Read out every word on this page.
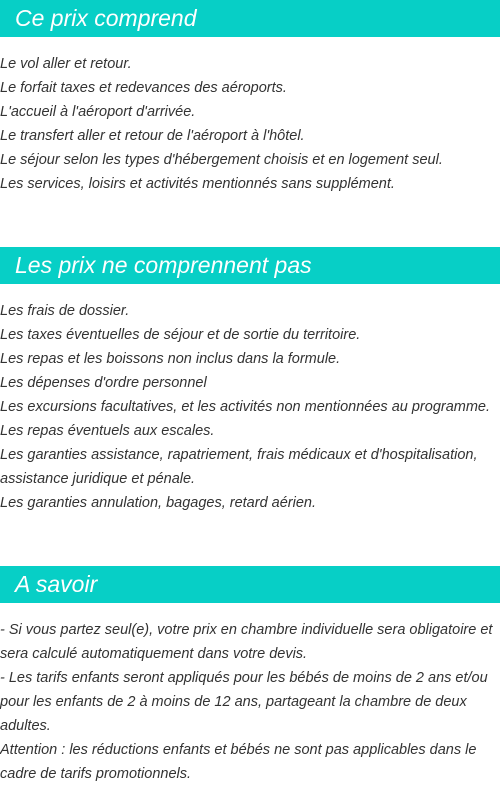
Ce prix comprend
Le vol aller et retour.
Le forfait taxes et redevances des aéroports.
L'accueil à l'aéroport d'arrivée.
Le transfert aller et retour de l'aéroport à l'hôtel.
Le séjour selon les types d'hébergement choisis et en logement seul.
Les services, loisirs et activités mentionnés sans supplément.
Les prix ne comprennent pas
Les frais de dossier.
Les taxes éventuelles de séjour et de sortie du territoire.
Les repas et les boissons non inclus dans la formule.
Les dépenses d'ordre personnel
Les excursions facultatives, et les activités non mentionnées au programme.
Les repas éventuels aux escales.
Les garanties assistance, rapatriement, frais médicaux et d'hospitalisation, assistance juridique et pénale.
Les garanties annulation, bagages, retard aérien.
A savoir
- Si vous partez seul(e), votre prix en chambre individuelle sera obligatoire et sera calculé automatiquement dans votre devis.
- Les tarifs enfants seront appliqués pour les bébés de moins de 2 ans et/ou pour les enfants de 2 à moins de 12 ans, partageant la chambre de deux adultes.
Attention : les réductions enfants et bébés ne sont pas applicables dans le cadre de tarifs promotionnels.
